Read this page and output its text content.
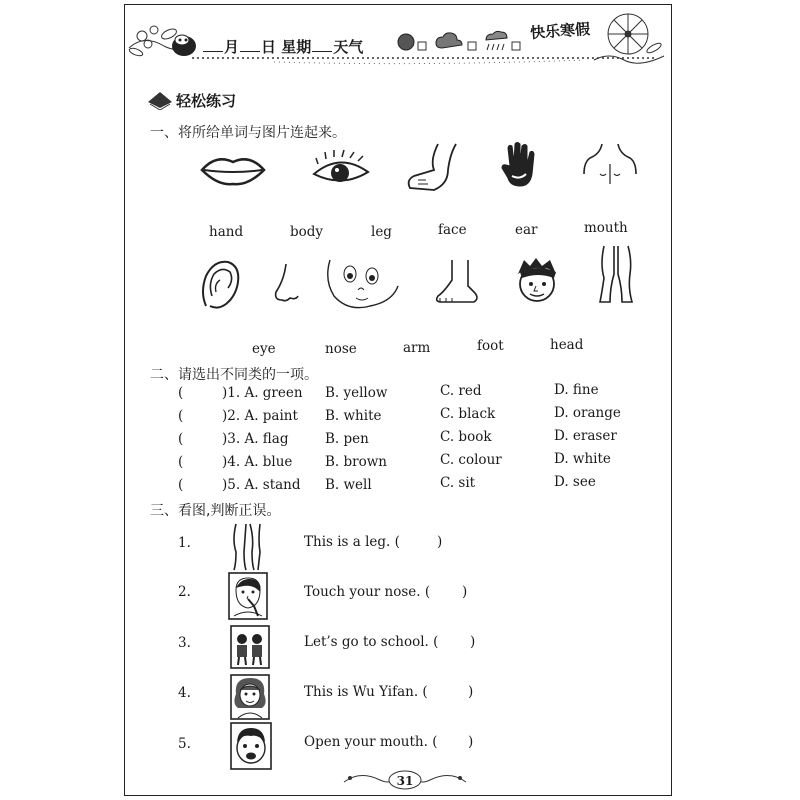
月 日 星期 天气
快乐寒假
轻松练习
一、将所给单词与图片连起来。
hand	body	leg	face	ear	mouth
eye	nose	arm	foot	head
二、请选出不同类的一项。
(	)1. A. green B. yellow	C. red	D. fine
(	)2. A. paint B. white	C. black	D. orange
(	)3. A. flag	B. pen	C. book	D. eraser
(	)4. A. blue B. brown	C. colour	D. white
(	)5. A. stand B. well	C. sit	D. see
三、看图,判断正误。
1.	This is a leg. (	)
2.	Touch your nose. ( )
3.	Let’s go to school. ( )
4.	This is Wu Yifan. (	)
5.	Open your mouth. ( )
31
